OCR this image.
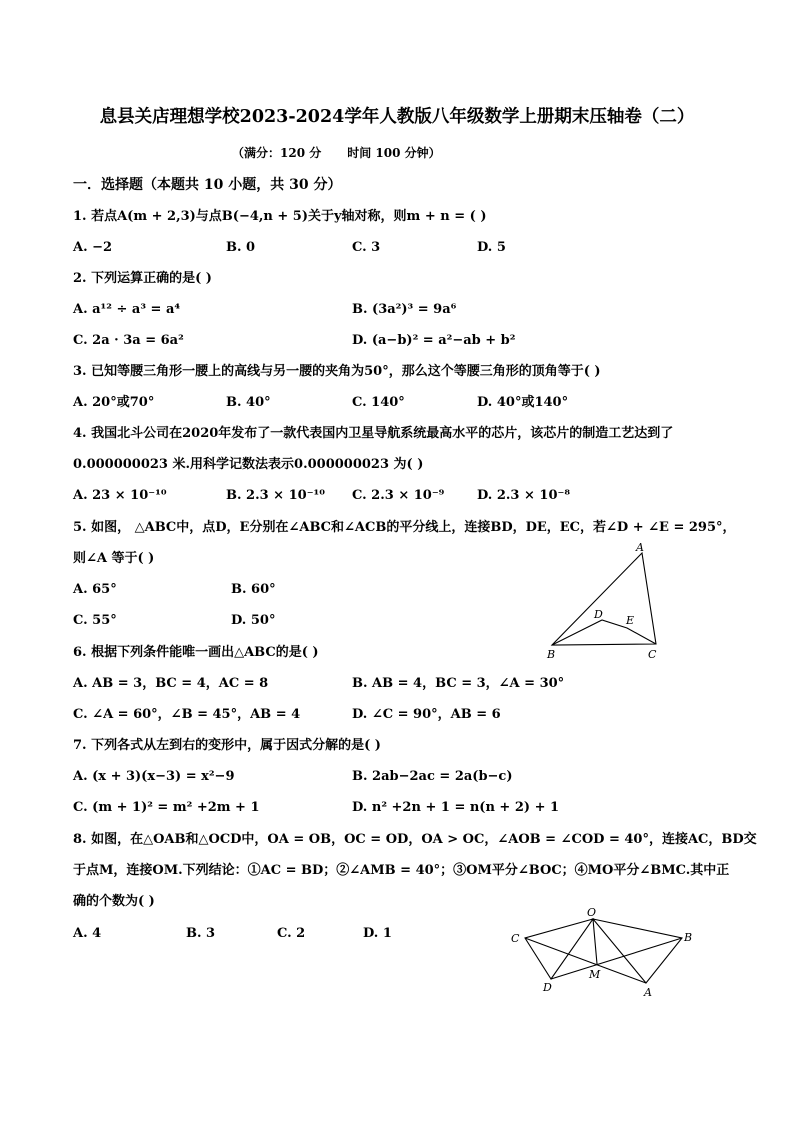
息县关店理想学校2023-2024学年人教版八年级数学上册期末压轴卷（二）
（满分：120 分 时间 100 分钟）
一．选择题（本题共 10 小题，共 30 分）
1. 若点A(m + 2,3)与点B(−4,n + 5)关于y轴对称，则m + n = ( )
A. −2	B. 0	C. 3	D. 5
2. 下列运算正确的是( )
A. a¹² ÷ a³ = a⁴	B. (3a²)³ = 9a⁶
C. 2a · 3a = 6a²	D. (a−b)² = a²−ab + b²
3. 已知等腰三角形一腰上的高线与另一腰的夹角为50°，那么这个等腰三角形的顶角等于( )
A. 20°或70°	B. 40°	C. 140°	D. 40°或140°
4. 我国北斗公司在2020年发布了一款代表国内卫星导航系统最高水平的芯片，该芯片的制造工艺达到了
0.000000023 米.用科学记数法表示0.000000023 为( )
A. 23 × 10⁻¹⁰	B. 2.3 × 10⁻¹⁰ C. 2.3 × 10⁻⁹	D. 2.3 × 10⁻⁸
5. 如图， △ABC中，点D，E分别在∠ABC和∠ACB的平分线上，连接BD，DE，EC，若∠D + ∠E = 295°，
则∠A 等于( )
A. 65°	B. 60°
C. 55°	D. 50°
A
B	C
D E
6. 根据下列条件能唯一画出△ABC的是( )
A. AB = 3，BC = 4，AC = 8	B. AB = 4，BC = 3，∠A = 30°
C. ∠A = 60°，∠B = 45°，AB = 4	D. ∠C = 90°，AB = 6
7. 下列各式从左到右的变形中，属于因式分解的是( )
A. (x + 3)(x−3) = x²−9	B. 2ab−2ac = 2a(b−c)
C. (m + 1)² = m² +2m + 1	D. n² +2n + 1 = n(n + 2) + 1
8. 如图，在△OAB和△OCD中，OA = OB，OC = OD，OA > OC，∠AOB = ∠COD = 40°，连接AC，BD交
于点M，连接OM.下列结论：①AC = BD；②∠AMB = 40°；③OM平分∠BOC；④MO平分∠BMC.其中正
确的个数为( )
A. 4	B. 3	C. 2	D. 1
O
C	B
D
M
A
